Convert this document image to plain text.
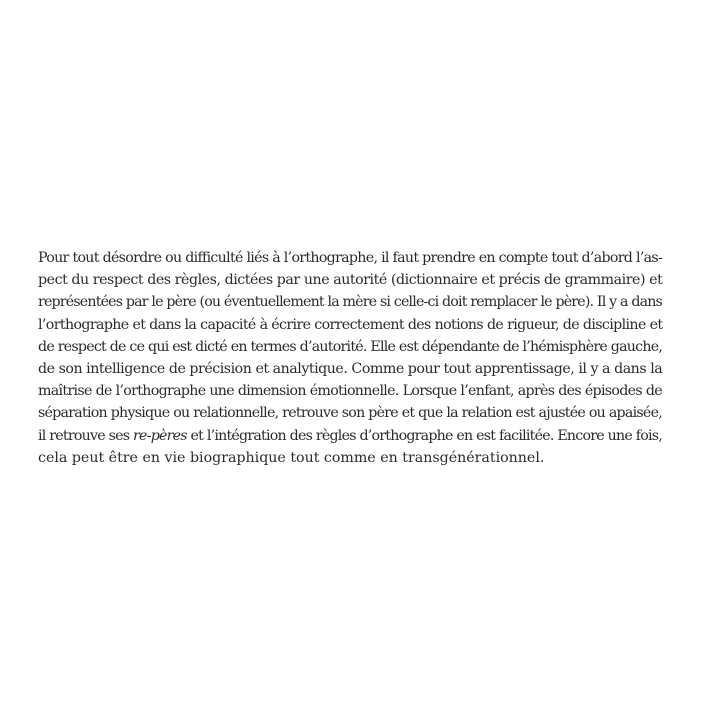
Pour tout désordre ou difficulté liés à l’orthographe, il faut prendre en compte tout d’abord l’as-
pect du respect des règles, dictées par une autorité (dictionnaire et précis de grammaire) et
représentées par le père (ou éventuellement la mère si celle-ci doit remplacer le père). Il y a dans
l’orthographe et dans la capacité à écrire correctement des notions de rigueur, de discipline et
de respect de ce qui est dicté en termes d’autorité. Elle est dépendante de l’hémisphère gauche,
de son intelligence de précision et analytique. Comme pour tout apprentissage, il y a dans la
maîtrise de l’orthographe une dimension émotionnelle. Lorsque l’enfant, après des épisodes de
séparation physique ou relationnelle, retrouve son père et que la relation est ajustée ou apaisée,
il retrouve ses re-pères et l’intégration des règles d’orthographe en est facilitée. Encore une fois,
cela peut être en vie biographique tout comme en transgénérationnel.
